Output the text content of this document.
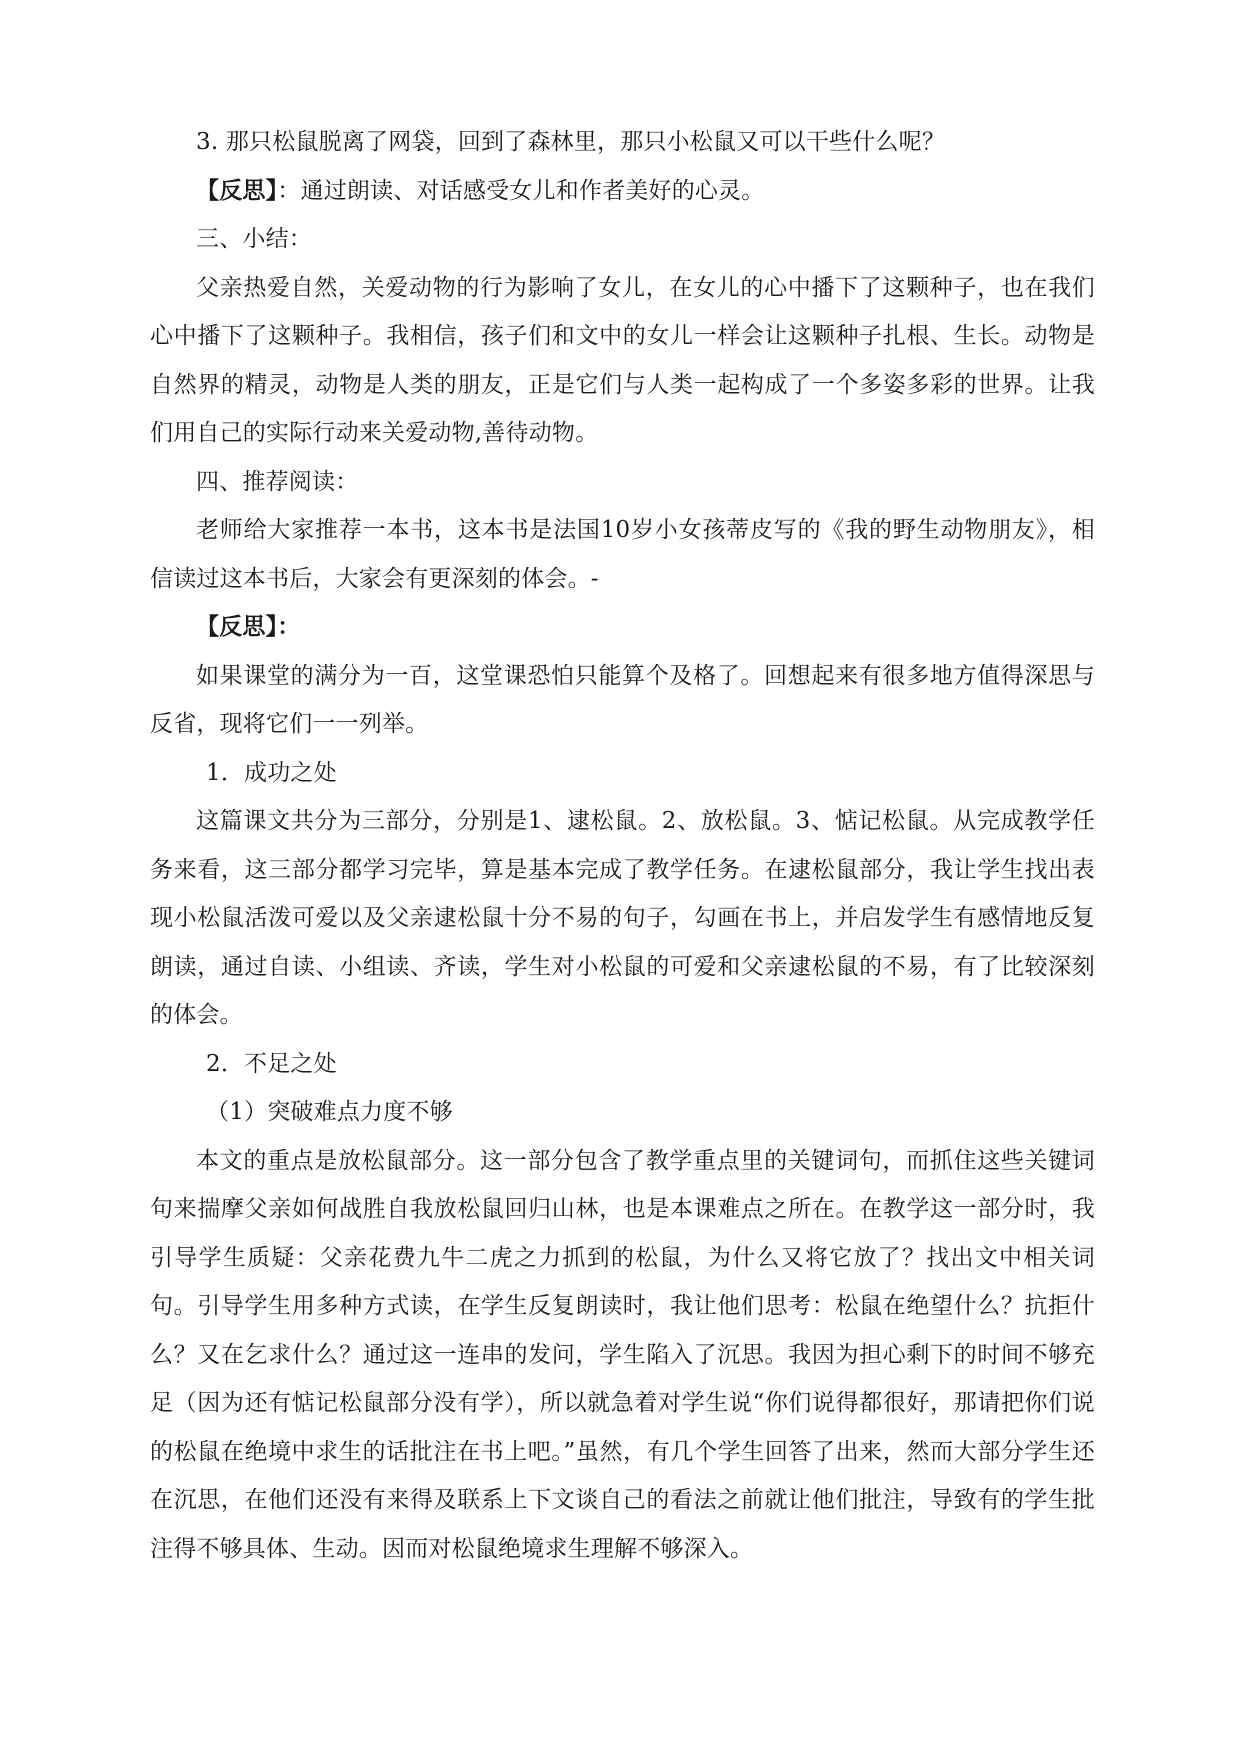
3. 那只松鼠脱离了网袋，回到了森林里，那只小松鼠又可以干些什么呢？

【反思】：通过朗读、对话感受女儿和作者美好的心灵。

三、小结：

父亲热爱自然，关爱动物的行为影响了女儿，在女儿的心中播下了这颗种子，也在我们心中播下了这颗种子。我相信，孩子们和文中的女儿一样会让这颗种子扎根、生长。动物是自然界的精灵，动物是人类的朋友，正是它们与人类一起构成了一个多姿多彩的世界。让我们用自己的实际行动来关爱动物,善待动物。

四、推荐阅读：

老师给大家推荐一本书，这本书是法国10岁小女孩蒂皮写的《我的野生动物朋友》，相信读过这本书后，大家会有更深刻的体会。-

【反思】：

如果课堂的满分为一百，这堂课恐怕只能算个及格了。回想起来有很多地方值得深思与反省，现将它们一一列举。

1．成功之处

这篇课文共分为三部分，分别是1、逮松鼠。2、放松鼠。3、惦记松鼠。从完成教学任务来看，这三部分都学习完毕，算是基本完成了教学任务。在逮松鼠部分，我让学生找出表现小松鼠活泼可爱以及父亲逮松鼠十分不易的句子，勾画在书上，并启发学生有感情地反复朗读，通过自读、小组读、齐读，学生对小松鼠的可爱和父亲逮松鼠的不易，有了比较深刻的体会。

2．不足之处

（1）突破难点力度不够

本文的重点是放松鼠部分。这一部分包含了教学重点里的关键词句，而抓住这些关键词句来揣摩父亲如何战胜自我放松鼠回归山林，也是本课难点之所在。在教学这一部分时，我引导学生质疑：父亲花费九牛二虎之力抓到的松鼠，为什么又将它放了？找出文中相关词句。引导学生用多种方式读，在学生反复朗读时，我让他们思考：松鼠在绝望什么？抗拒什么？又在乞求什么？通过这一连串的发问，学生陷入了沉思。我因为担心剩下的时间不够充足（因为还有惦记松鼠部分没有学），所以就急着对学生说“你们说得都很好，那请把你们说的松鼠在绝境中求生的话批注在书上吧。”虽然，有几个学生回答了出来，然而大部分学生还在沉思，在他们还没有来得及联系上下文谈自己的看法之前就让他们批注，导致有的学生批注得不够具体、生动。因而对松鼠绝境求生理解不够深入。
